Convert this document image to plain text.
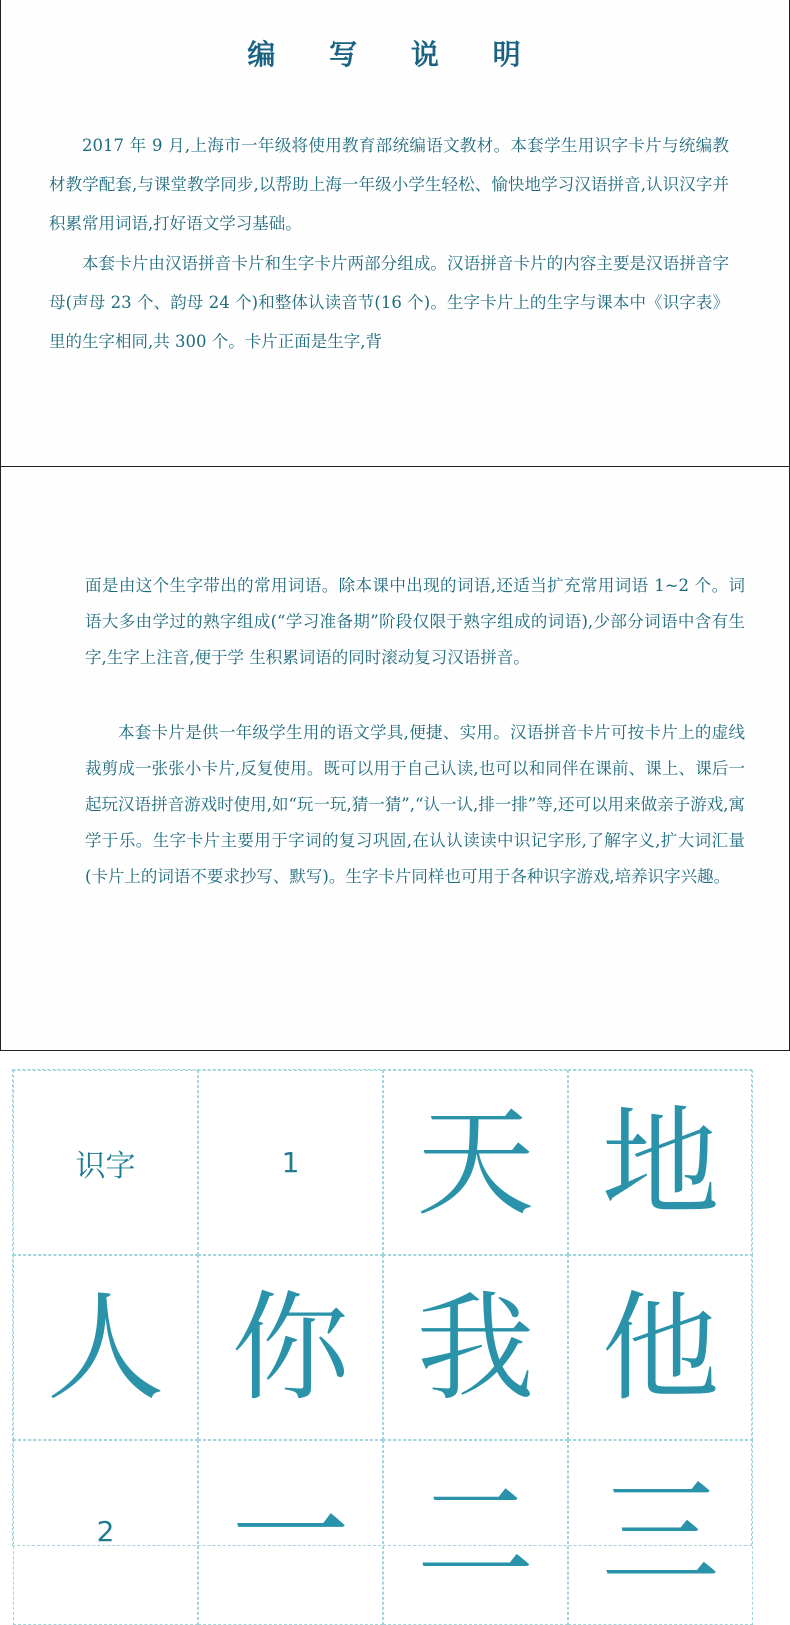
编 写 说 明

2017 年 9 月,上海市一年级将使用教育部统编语文教材。本套学生用识字卡片与统编教材教学配套,与课堂教学同步,以帮助上海一年级小学生轻松、愉快地学习汉语拼音,认识汉字并积累常用词语,打好语文学习基础。

本套卡片由汉语拼音卡片和生字卡片两部分组成。汉语拼音卡片的内容主要是汉语拼音字母(声母 23 个、韵母 24 个)和整体认读音节(16 个)。生字卡片上的生字与课本中《识字表》里的生字相同,共 300 个。卡片正面是生字,背

面是由这个生字带出的常用词语。除本课中出现的词语,还适当扩充常用词语 1~2 个。词语大多由学过的熟字组成(“学习准备期”阶段仅限于熟字组成的词语),少部分词语中含有生字,生字上注音,便于学 生积累词语的同时滚动复习汉语拼音。

本套卡片是供一年级学生用的语文学具,便捷、实用。汉语拼音卡片可按卡片上的虚线裁剪成一张张小卡片,反复使用。既可以用于自己认读,也可以和同伴在课前、课上、课后一起玩汉语拼音游戏时使用,如“玩一玩,猜一猜”,“认一认,排一排”等,还可以用来做亲子游戏,寓学于乐。生字卡片主要用于字词的复习巩固,在认认读读中识记字形,了解字义,扩大词汇量(卡片上的词语不要求抄写、默写)。生字卡片同样也可用于各种识字游戏,培养识字兴趣。

识字	1 天 地
人 你 我 他
2 一 二 三
